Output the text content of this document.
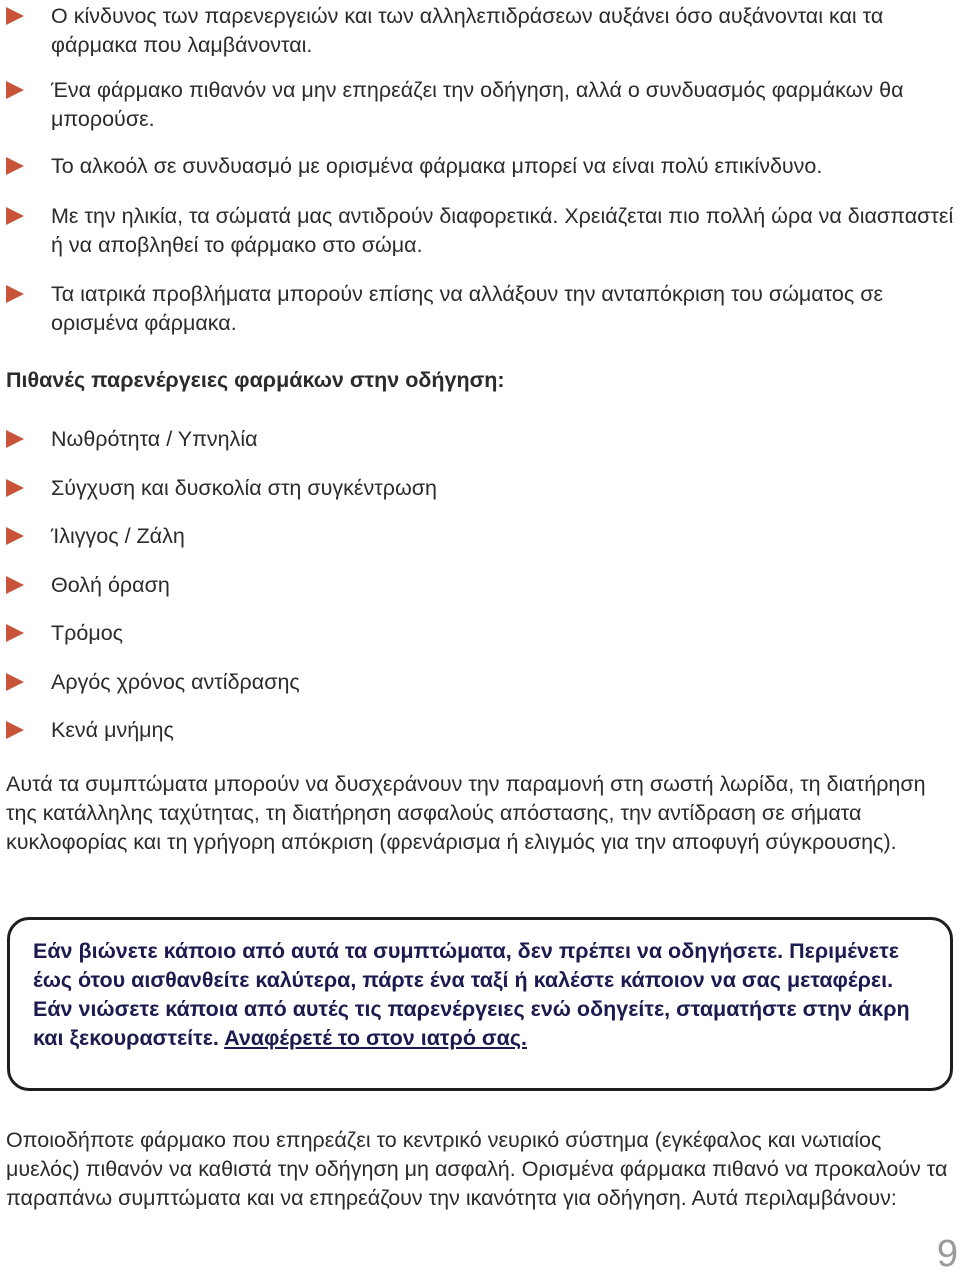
Ο κίνδυνος των παρενεργειών και των αλληλεπιδράσεων αυξάνει όσο αυξάνονται και τα φάρμακα που λαμβάνονται.
Ένα φάρμακο πιθανόν να μην επηρεάζει την οδήγηση, αλλά ο συνδυασμός φαρμάκων θα μπορούσε.
Το αλκοόλ σε συνδυασμό με ορισμένα φάρμακα μπορεί να είναι πολύ επικίνδυνο.
Με την ηλικία, τα σώματά μας αντιδρούν διαφορετικά. Χρειάζεται πιο πολλή ώρα να διασπαστεί ή να αποβληθεί το φάρμακο στο σώμα.
Τα ιατρικά προβλήματα μπορούν επίσης να αλλάξουν την ανταπόκριση του σώματος σε ορισμένα φάρμακα.
Πιθανές παρενέργειες φαρμάκων στην οδήγηση:
Νωθρότητα / Υπνηλία
Σύγχυση και δυσκολία στη συγκέντρωση
Ίλιγγος / Ζάλη
Θολή όραση
Τρόμος
Αργός χρόνος αντίδρασης
Κενά μνήμης
Αυτά τα συμπτώματα μπορούν να δυσχεράνουν την παραμονή στη σωστή λωρίδα, τη διατήρηση της κατάλληλης ταχύτητας, τη διατήρηση ασφαλούς απόστασης, την αντίδραση σε σήματα κυκλοφορίας και τη γρήγορη απόκριση (φρενάρισμα ή ελιγμός για την αποφυγή σύγκρουσης).
Εάν βιώνετε κάποιο από αυτά τα συμπτώματα, δεν πρέπει να οδηγήσετε. Περιμένετε έως ότου αισθανθείτε καλύτερα, πάρτε ένα ταξί ή καλέστε κάποιον να σας μεταφέρει. Εάν νιώσετε κάποια από αυτές τις παρενέργειες ενώ οδηγείτε, σταματήστε στην άκρη και ξεκουραστείτε. Αναφέρετέ το στον ιατρό σας.
Οποιοδήποτε φάρμακο που επηρεάζει το κεντρικό νευρικό σύστημα (εγκέφαλος και νωτιαίος μυελός) πιθανόν να καθιστά την οδήγηση μη ασφαλή. Ορισμένα φάρμακα πιθανό να προκαλούν τα παραπάνω συμπτώματα και να επηρεάζουν την ικανότητα για οδήγηση. Αυτά περιλαμβάνουν:
9
